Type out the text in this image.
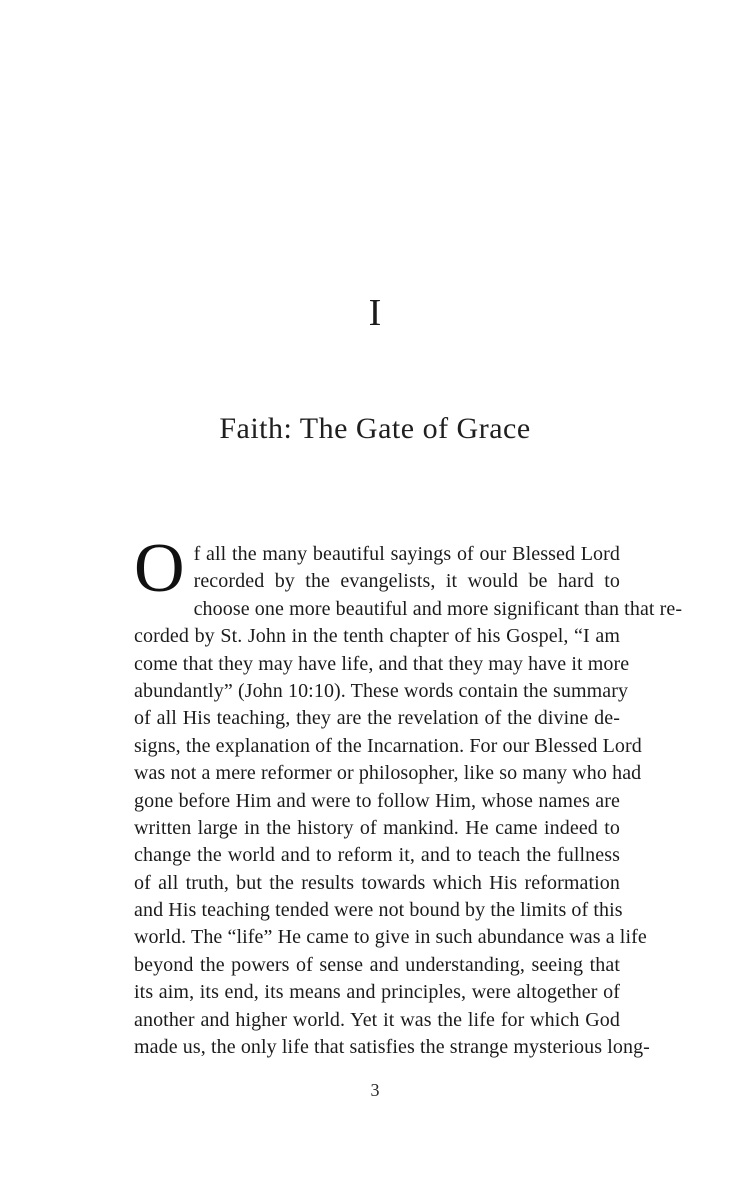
I
Faith: The Gate of Grace
O f all the many beautiful sayings of our Blessed Lord
recorded by the evangelists, it would be hard to
choose one more beautiful and more significant than that re-
corded by St. John in the tenth chapter of his Gospel, “I am
come that they may have life, and that they may have it more
abundantly” (John 10:10). These words contain the summary
of all His teaching, they are the revelation of the divine de-
signs, the explanation of the Incarnation. For our Blessed Lord
was not a mere reformer or philosopher, like so many who had
gone before Him and were to follow Him, whose names are
written large in the history of mankind. He came indeed to
change the world and to reform it, and to teach the fullness
of all truth, but the results towards which His reformation
and His teaching tended were not bound by the limits of this
world. The “life” He came to give in such abundance was a life
beyond the powers of sense and understanding, seeing that
its aim, its end, its means and principles, were altogether of
another and higher world. Yet it was the life for which God
made us, the only life that satisfies the strange mysterious long-
3
